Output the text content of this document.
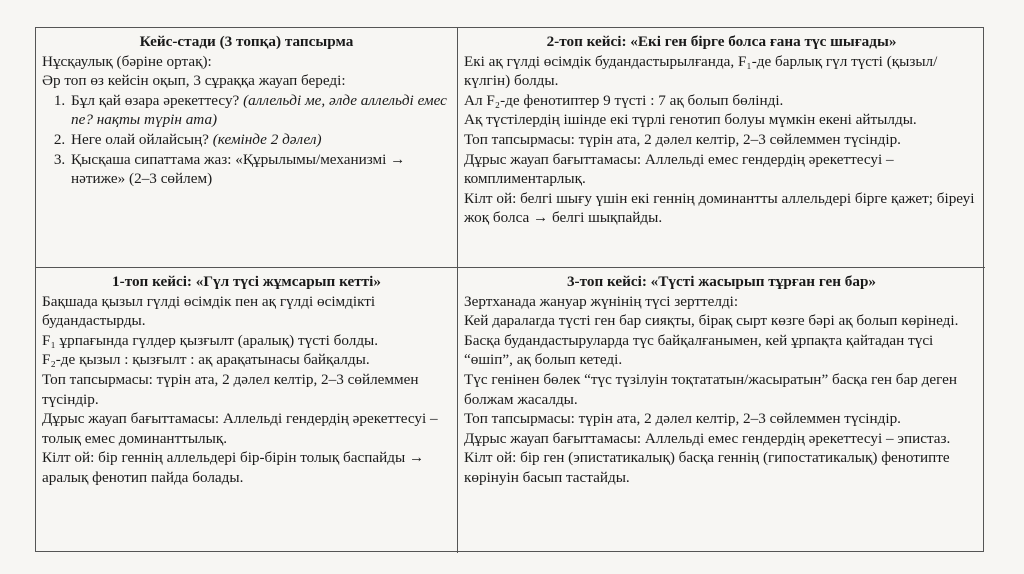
Кейс-стади (3 топқа) тапсырма
Нұсқаулық (бәріне ортақ):
Әр топ өз кейсін оқып, 3 сұраққа жауап береді:
1. Бұл қай өзара әрекеттесу? (аллельді ме, әлде аллельді емес пе? нақты түрін ата)
2. Неге олай ойлайсың? (кемінде 2 дәлел)
3. Қысқаша сипаттама жаз: «Құрылымы/механизмі → нәтиже» (2–3 сөйлем)
2-топ кейсі: «Екі ген бірге болса ғана түс шығады»
Екі ақ гүлді өсімдік будандастырылғанда, F₁-де барлық гүл түсті (қызыл/күлгін) болды.
Ал F₂-де фенотиптер 9 түсті : 7 ақ болып бөлінді.
Ақ түстілердің ішінде екі түрлі генотип болуы мүмкін екені айтылды.
Топ тапсырмасы: түрін ата, 2 дәлел келтір, 2–3 сөйлеммен түсіндір.
Дұрыс жауап бағыттамасы: Аллельді емес гендердің әрекеттесуі – комплиментарлық.
Кілт ой: белгі шығу үшін екі геннің доминантты аллельдері бірге қажет; біреуі жоқ болса → белгі шықпайды.
1-топ кейсі: «Гүл түсі жұмсарып кетті»
Бақшада қызыл гүлді өсімдік пен ақ гүлді өсімдікті будандастырды.
F₁ ұрпағында гүлдер қызғылт (аралық) түсті болды.
F₂-де қызыл : қызғылт : ақ арақатынасы байқалды.
Топ тапсырмасы: түрін ата, 2 дәлел келтір, 2–3 сөйлеммен түсіндір.
Дұрыс жауап бағыттамасы: Аллельді гендердің әрекеттесуі – толық емес доминанттылық.
Кілт ой: бір геннің аллельдері бір-бірін толық баспайды → аралық фенотип пайда болады.
3-топ кейсі: «Түсті жасырып тұрған ген бар»
Зертханада жануар жүнінің түсі зерттелді:
Кей даралarда түсті ген бар сияқты, бірақ сырт көзге бәрі ақ болып көрінеді.
Басқа будандастыруларда түс байқалғанымен, кей ұрпақта қайтадан түсі “өшіп”, ақ болып кетеді.
Түс генінен бөлек “түс түзілуін тоқтататын/жасыратын” басқа ген бар деген болжам жасалды.
Топ тапсырмасы: түрін ата, 2 дәлел келтір, 2–3 сөйлеммен түсіндір.
Дұрыс жауап бағыттамасы: Аллельді емес гендердің әрекеттесуі – эпистаз.
Кілт ой: бір ген (эпистатикалық) басқа геннің (гипостатикалық) фенотипте көрінуін басып тастайды.
